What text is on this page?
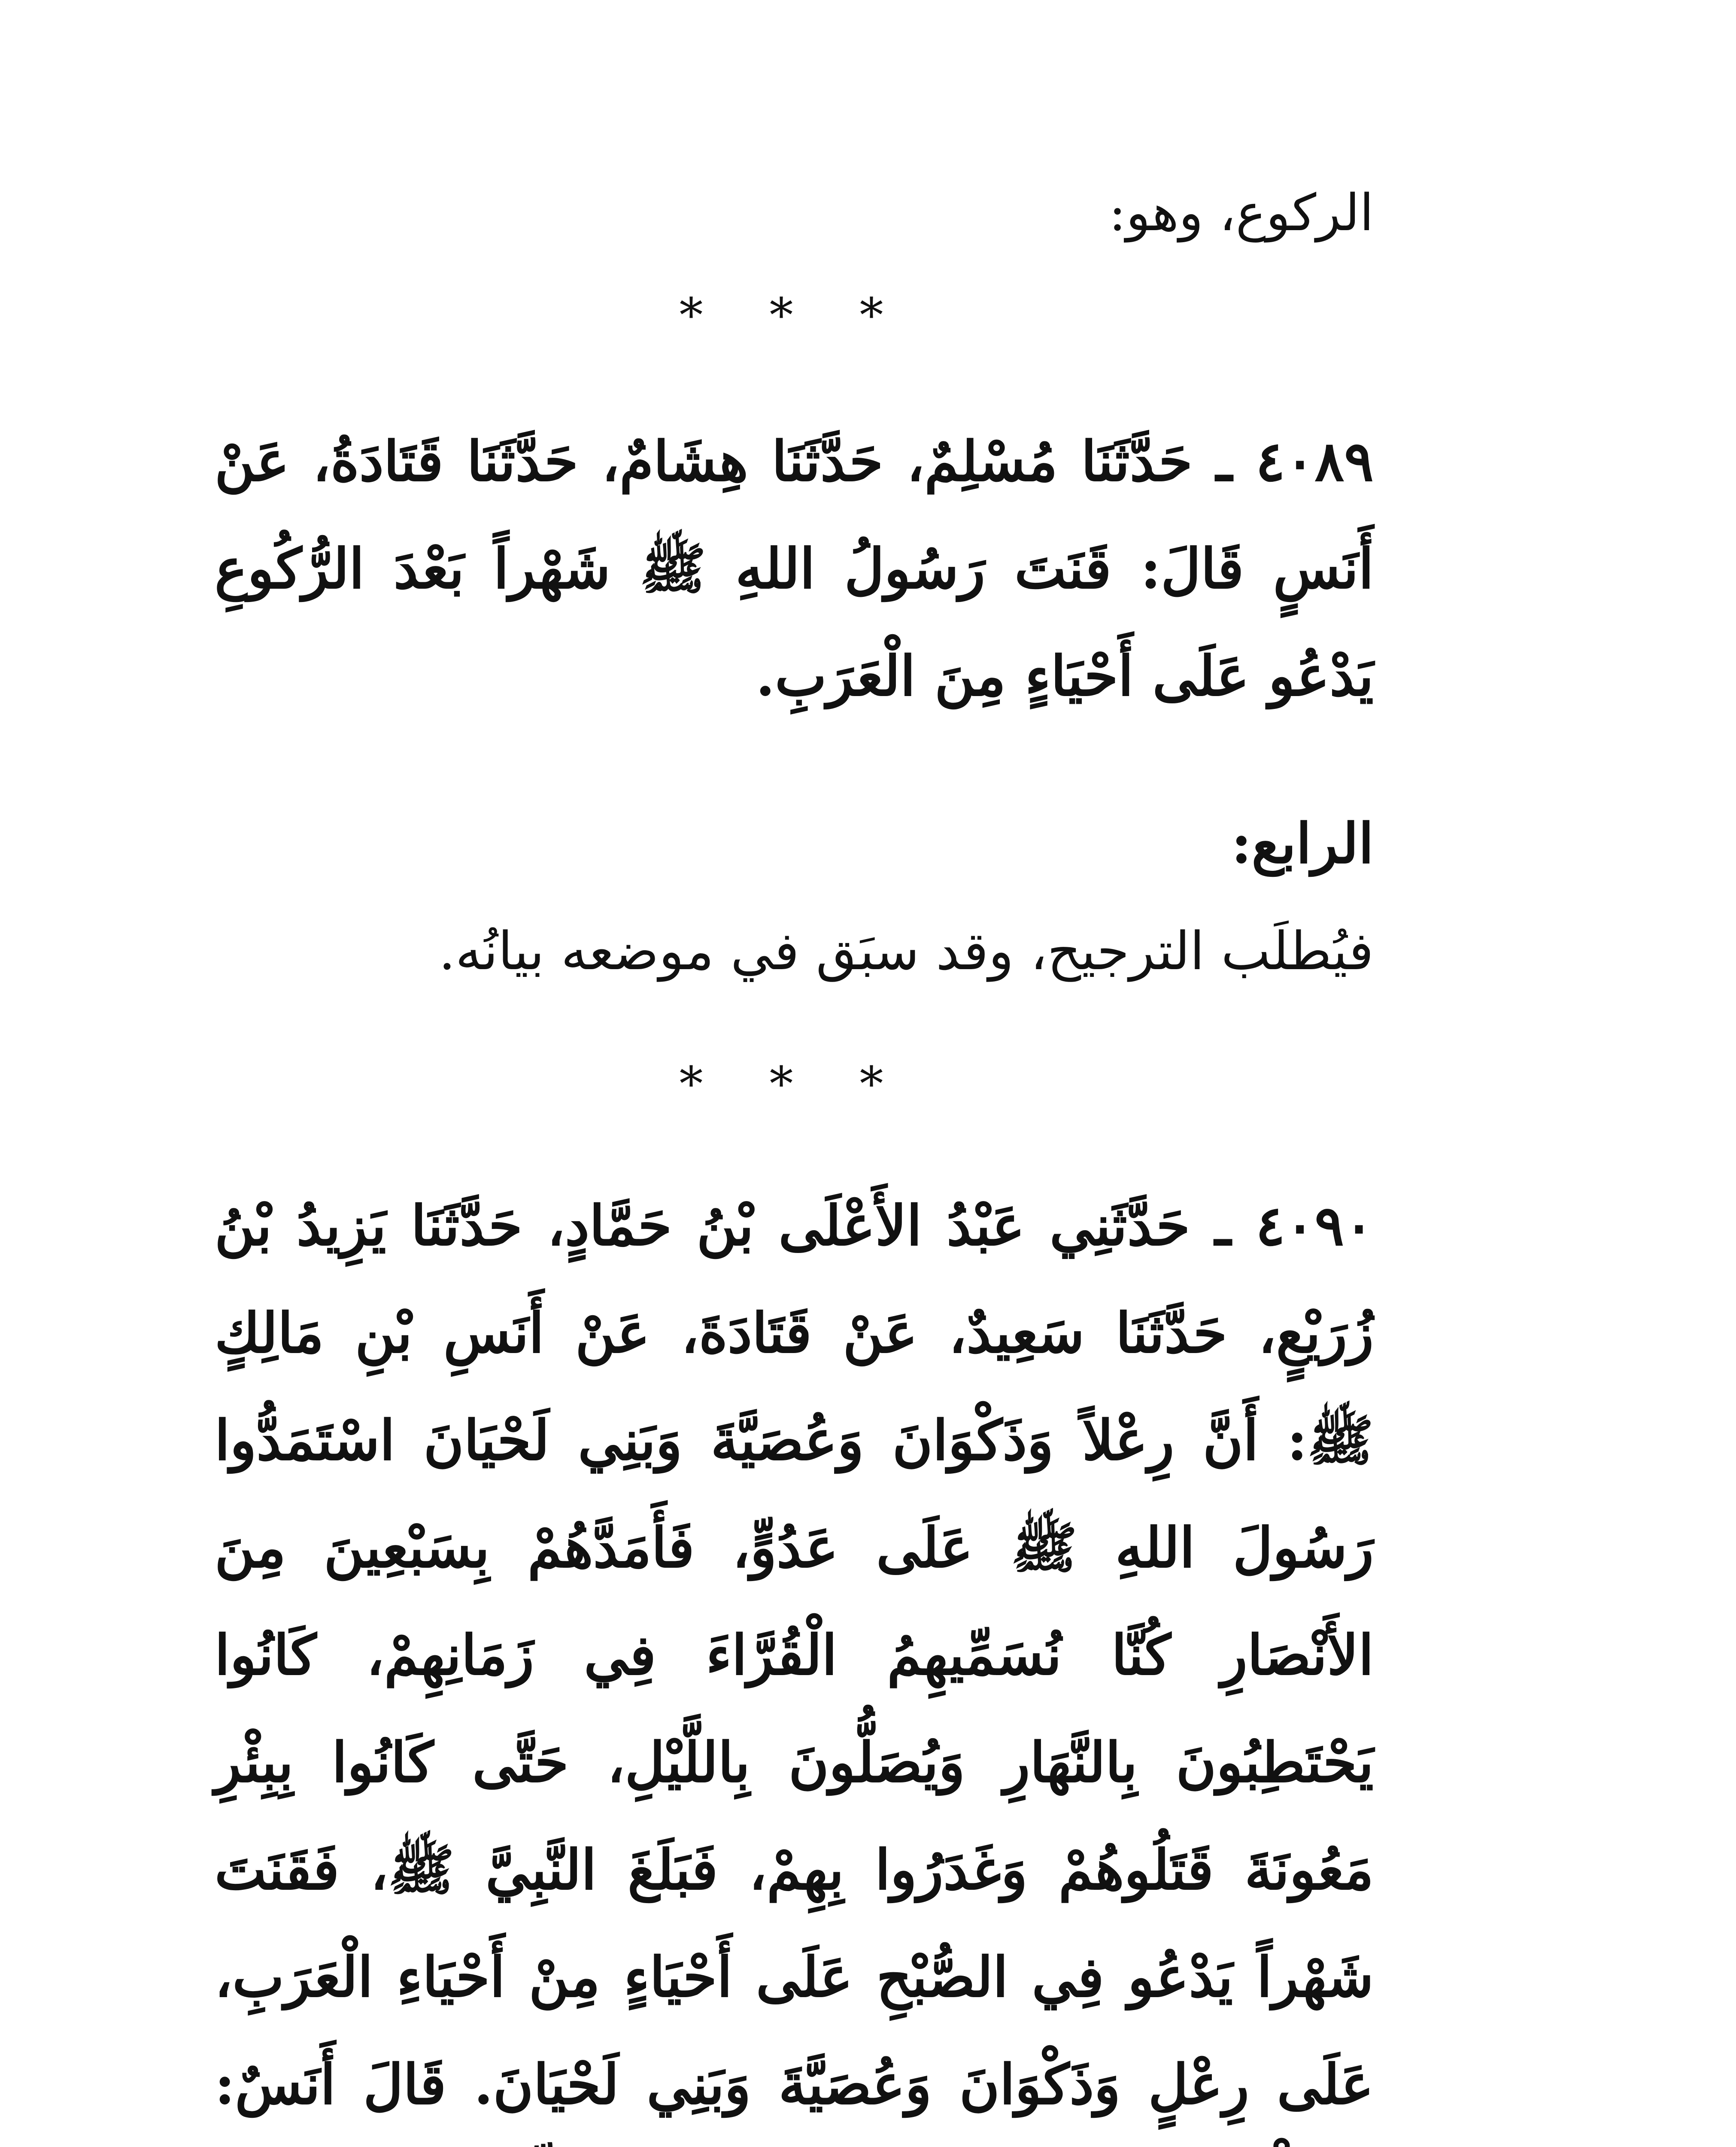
الركوع، وهو:
* * *
٤٠٨٩ ـ حَدَّثَنَا مُسْلِمٌ، حَدَّثَنَا هِشَامٌ، حَدَّثَنَا قَتَادَةُ، عَنْ أَنَسٍ قَالَ: قَنَتَ رَسُولُ اللهِ ﷺ شَهْراً بَعْدَ الرُّكُوعِ يَدْعُو عَلَى أَحْيَاءٍ مِنَ الْعَرَبِ.
الرابع:
فيُطلَب الترجيح، وقد سبَق في موضعه بيانُه.
* * *
٤٠٩٠ ـ حَدَّثَنِي عَبْدُ الأَعْلَى بْنُ حَمَّادٍ، حَدَّثَنَا يَزِيدُ بْنُ زُرَيْعٍ، حَدَّثَنَا سَعِيدٌ، عَنْ قَتَادَةَ، عَنْ أَنَسِ بْنِ مَالِكٍ ﷺ: أَنَّ رِعْلاً وَذَكْوَانَ وَعُصَيَّةَ وَبَنِي لَحْيَانَ اسْتَمَدُّوا رَسُولَ اللهِ ﷺ عَلَى عَدُوٍّ، فَأَمَدَّهُمْ بِسَبْعِينَ مِنَ الأَنْصَارِ كُنَّا نُسَمِّيهِمُ الْقُرَّاءَ فِي زَمَانِهِمْ، كَانُوا يَحْتَطِبُونَ بِالنَّهَارِ وَيُصَلُّونَ بِاللَّيْلِ، حَتَّى كَانُوا بِبِئْرِ مَعُونَةَ قَتَلُوهُمْ وَغَدَرُوا بِهِمْ، فَبَلَغَ النَّبِيَّ ﷺ، فَقَنَتَ شَهْراً يَدْعُو فِي الصُّبْحِ عَلَى أَحْيَاءٍ مِنْ أَحْيَاءِ الْعَرَبِ، عَلَى رِعْلٍ وَذَكْوَانَ وَعُصَيَّةَ وَبَنِي لَحْيَانَ. قَالَ أَنَسٌ:
